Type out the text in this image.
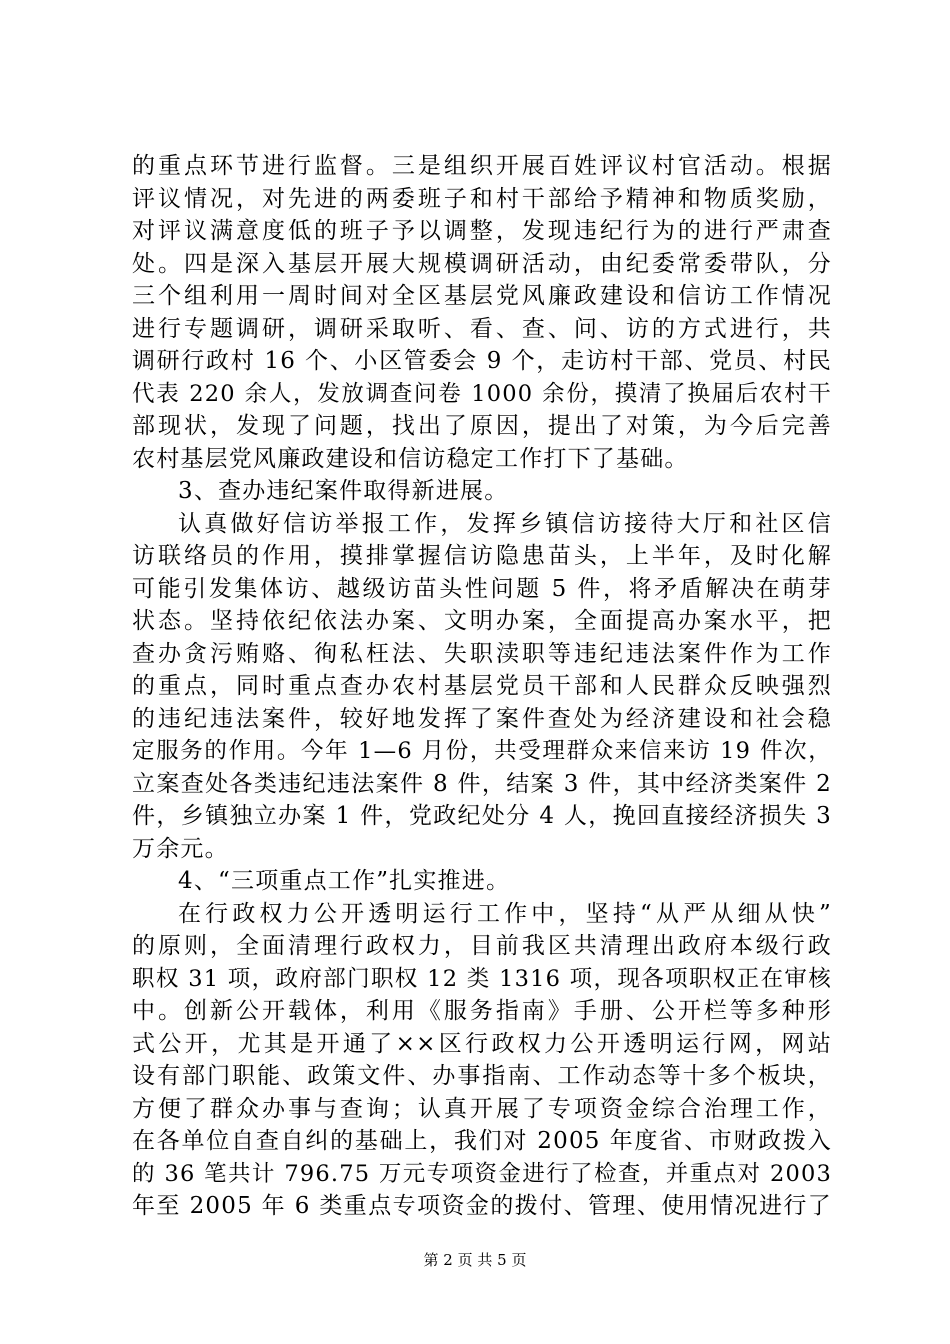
的重点环节进行监督。三是组织开展百姓评议村官活动。根据
评议情况，对先进的两委班子和村干部给予精神和物质奖励，
对评议满意度低的班子予以调整，发现违纪行为的进行严肃查
处。四是深入基层开展大规模调研活动，由纪委常委带队，分
三个组利用一周时间对全区基层党风廉政建设和信访工作情况
进行专题调研，调研采取听、看、查、问、访的方式进行，共
调研行政村 16 个、小区管委会 9 个，走访村干部、党员、村民
代表 220 余人，发放调查问卷 1000 余份，摸清了换届后农村干
部现状，发现了问题，找出了原因，提出了对策，为今后完善
农村基层党风廉政建设和信访稳定工作打下了基础。
3、查办违纪案件取得新进展。
认真做好信访举报工作，发挥乡镇信访接待大厅和社区信
访联络员的作用，摸排掌握信访隐患苗头，上半年，及时化解
可能引发集体访、越级访苗头性问题 5 件，将矛盾解决在萌芽
状态。坚持依纪依法办案、文明办案，全面提高办案水平，把
查办贪污贿赂、徇私枉法、失职渎职等违纪违法案件作为工作
的重点，同时重点查办农村基层党员干部和人民群众反映强烈
的违纪违法案件，较好地发挥了案件查处为经济建设和社会稳
定服务的作用。今年 1—6 月份，共受理群众来信来访 19 件次，
立案查处各类违纪违法案件 8 件，结案 3 件，其中经济类案件 2
件，乡镇独立办案 1 件，党政纪处分 4 人，挽回直接经济损失 3
万余元。
4、“三项重点工作”扎实推进。
在行政权力公开透明运行工作中，坚持“从严从细从快”
的原则，全面清理行政权力，目前我区共清理出政府本级行政
职权 31 项，政府部门职权 12 类 1316 项，现各项职权正在审核
中。创新公开载体，利用《服务指南》手册、公开栏等多种形
式公开，尤其是开通了××区行政权力公开透明运行网，网站
设有部门职能、政策文件、办事指南、工作动态等十多个板块，
方便了群众办事与查询；认真开展了专项资金综合治理工作，
在各单位自查自纠的基础上，我们对 2005 年度省、市财政拨入
的 36 笔共计 796.75 万元专项资金进行了检查，并重点对 2003
年至 2005 年 6 类重点专项资金的拨付、管理、使用情况进行了
第 2 页 共 5 页
